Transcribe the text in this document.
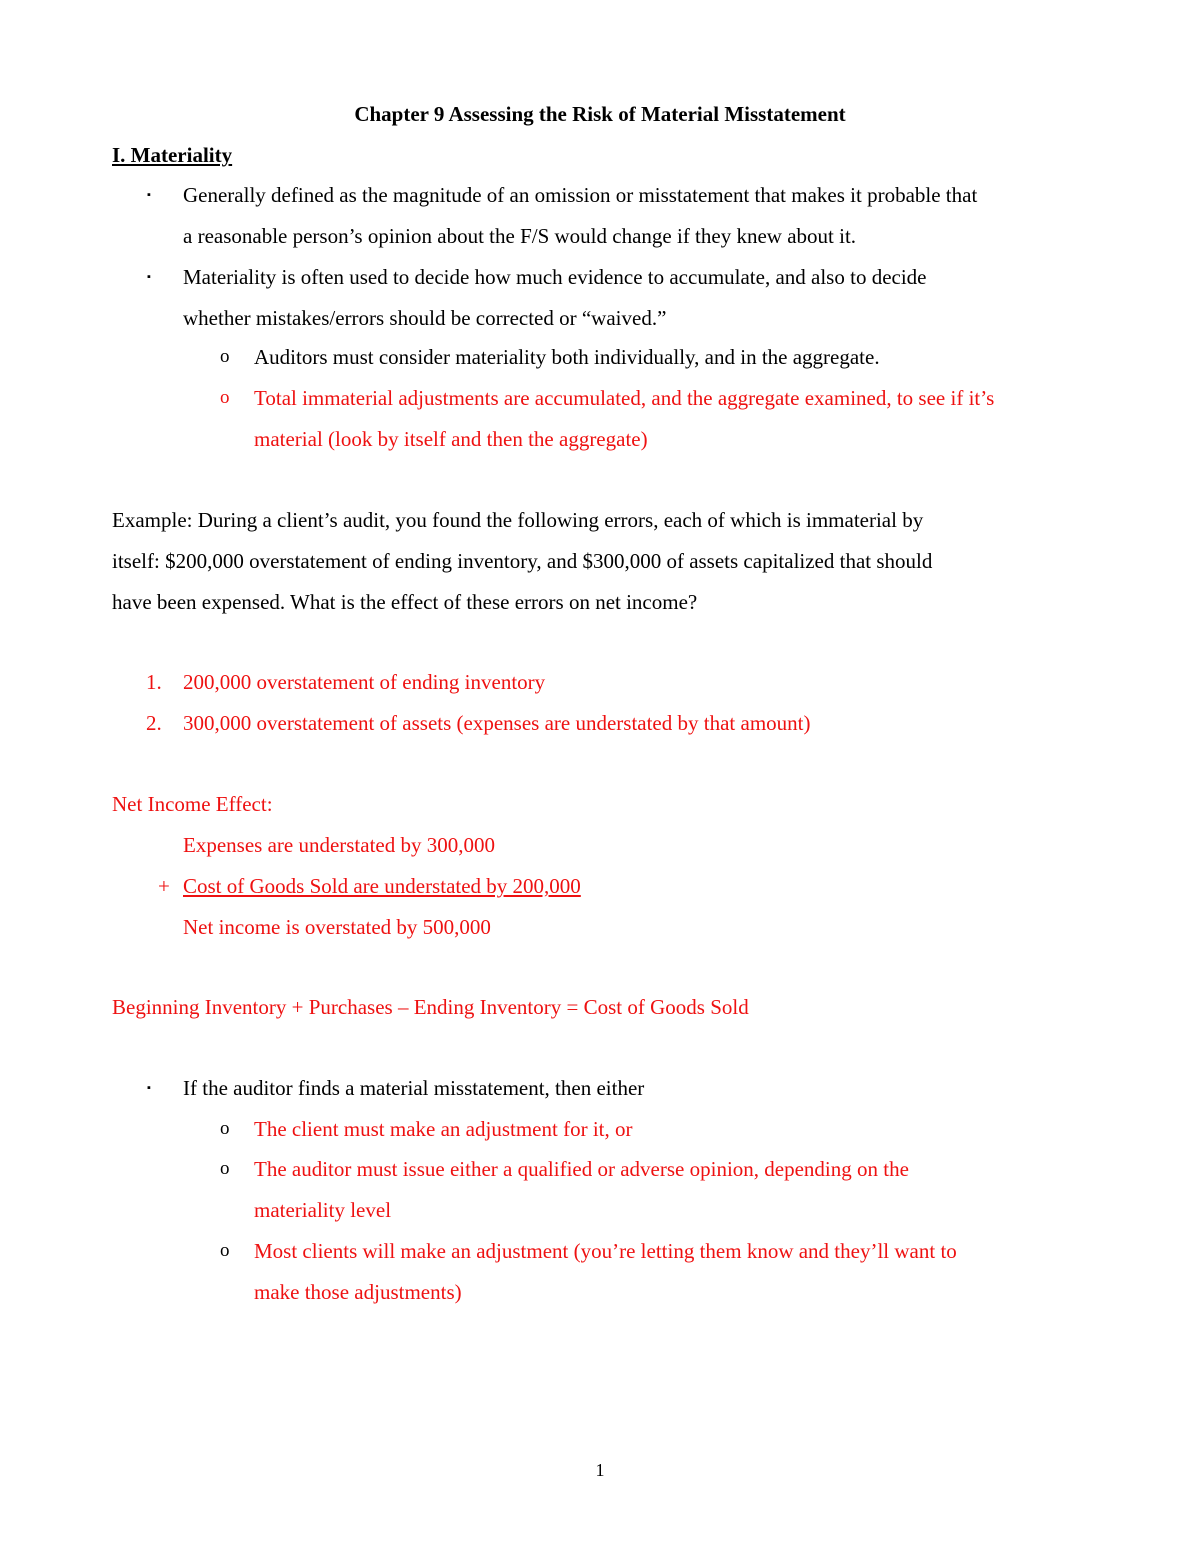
Chapter 9 Assessing the Risk of Material Misstatement
I. Materiality
▪ Generally defined as the magnitude of an omission or misstatement that makes it probable that
a reasonable person’s opinion about the F/S would change if they knew about it.
▪ Materiality is often used to decide how much evidence to accumulate, and also to decide
whether mistakes/errors should be corrected or “waived.”
o Auditors must consider materiality both individually, and in the aggregate.
o Total immaterial adjustments are accumulated, and the aggregate examined, to see if it’s
material (look by itself and then the aggregate)
Example: During a client’s audit, you found the following errors, each of which is immaterial by
itself: $200,000 overstatement of ending inventory, and $300,000 of assets capitalized that should
have been expensed. What is the effect of these errors on net income?
1. 200,000 overstatement of ending inventory
2. 300,000 overstatement of assets (expenses are understated by that amount)
Net Income Effect:
Expenses are understated by 300,000
+ Cost of Goods Sold are understated by 200,000
Net income is overstated by 500,000
Beginning Inventory + Purchases – Ending Inventory = Cost of Goods Sold
▪ If the auditor finds a material misstatement, then either
o The client must make an adjustment for it, or
o The auditor must issue either a qualified or adverse opinion, depending on the
materiality level
o Most clients will make an adjustment (you’re letting them know and they’ll want to
make those adjustments)
1
